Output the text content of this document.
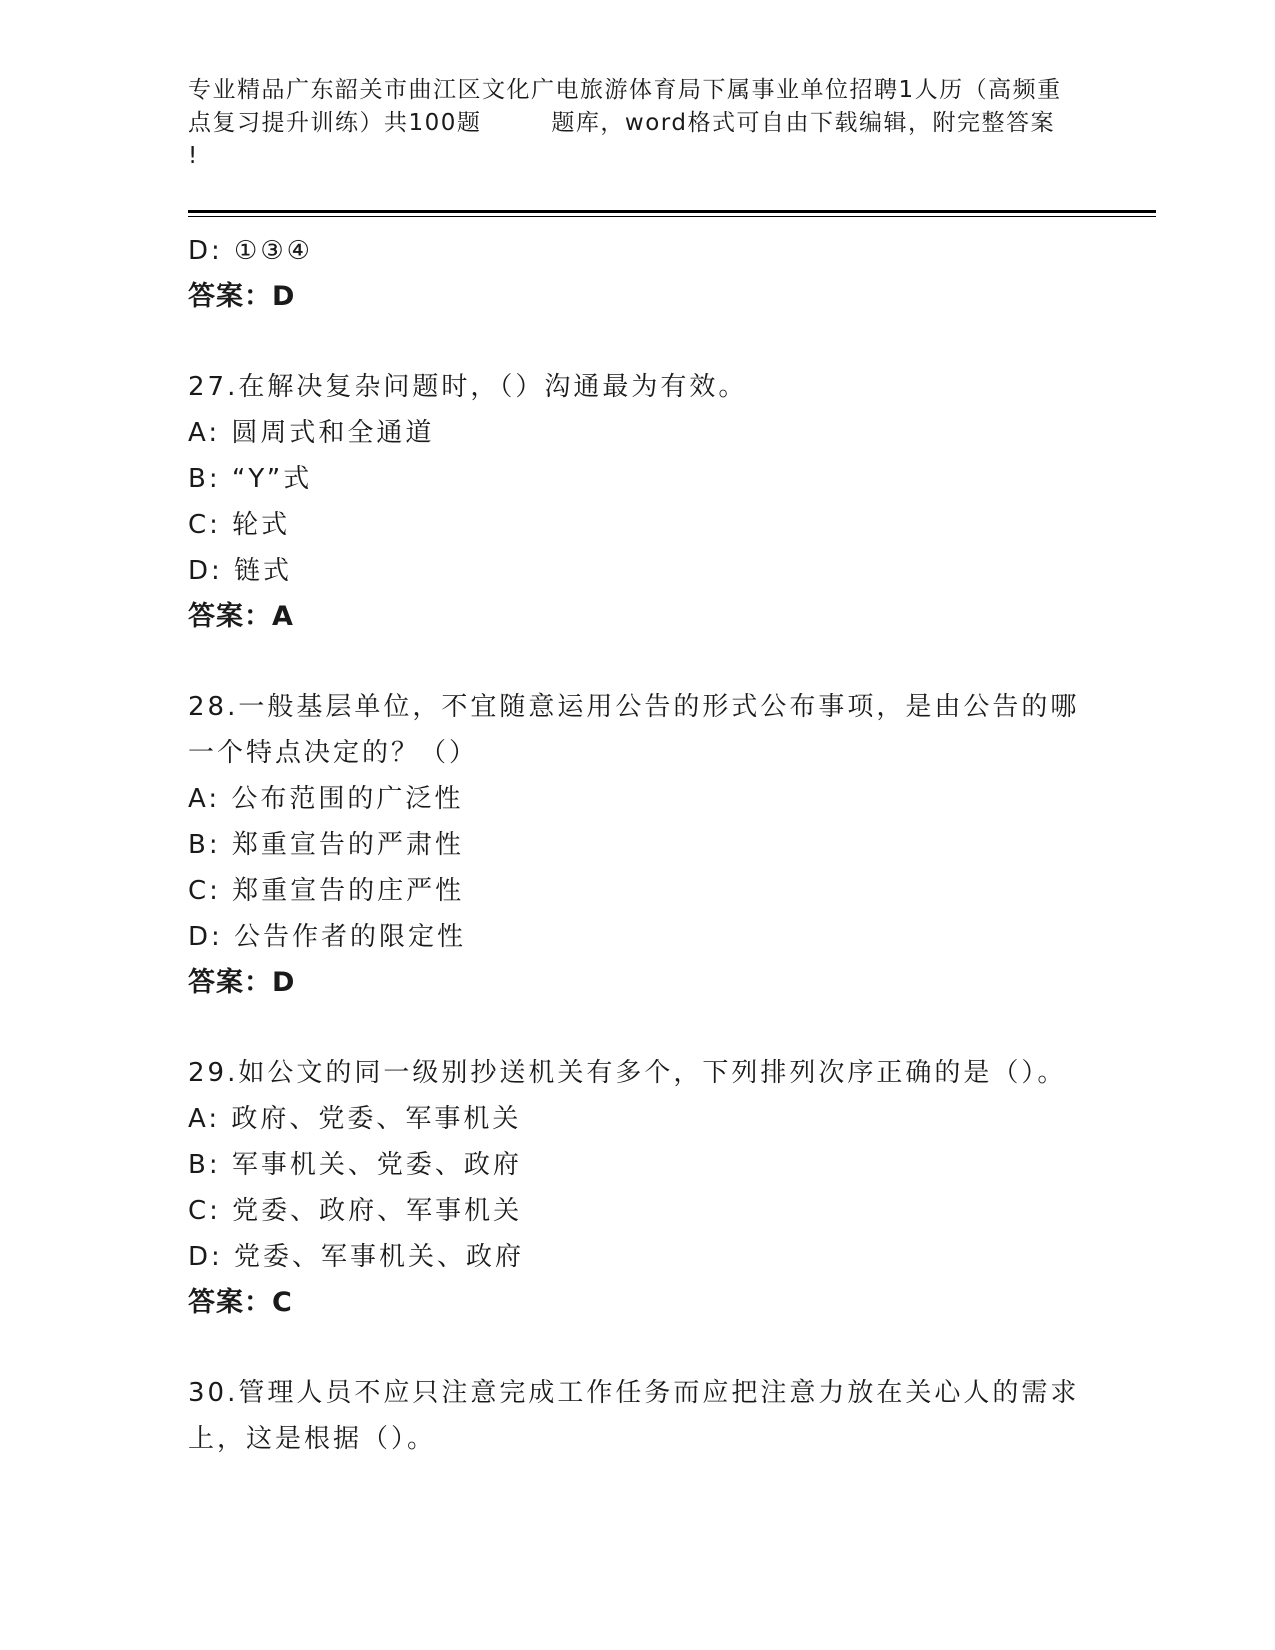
专业精品广东韶关市曲江区文化广电旅游体育局下属事业单位招聘1人历（高频重
点复习提升训练）共100题	题库，word格式可自由下载编辑，附完整答案
!
D: ①③④
答案：D
27.在解决复杂问题时，（）沟通最为有效。
A: 圆周式和全通道
B: “Y”式
C: 轮式
D: 链式
答案：A
28.一般基层单位，不宜随意运用公告的形式公布事项，是由公告的哪
一个特点决定的？（）
A: 公布范围的广泛性
B: 郑重宣告的严肃性
C: 郑重宣告的庄严性
D: 公告作者的限定性
答案：D
29.如公文的同一级别抄送机关有多个，下列排列次序正确的是（）。
A: 政府、党委、军事机关
B: 军事机关、党委、政府
C: 党委、政府、军事机关
D: 党委、军事机关、政府
答案：C
30.管理人员不应只注意完成工作任务而应把注意力放在关心人的需求
上，这是根据（）。
